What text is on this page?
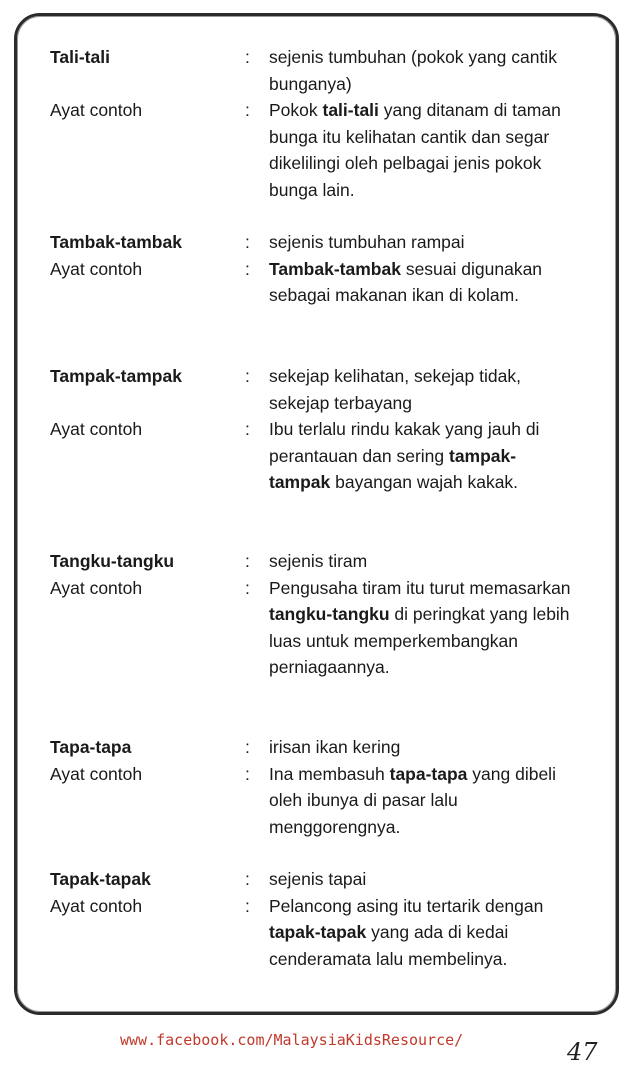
Tali-tali	:	sejenis tumbuhan (pokok yang cantik bunganya)
Ayat contoh	:	Pokok tali-tali yang ditanam di taman bunga itu kelihatan cantik dan segar dikelilingi oleh pelbagai jenis pokok bunga lain.
Tambak-tambak	:	sejenis tumbuhan rampai
Ayat contoh	:	Tambak-tambak sesuai digunakan sebagai makanan ikan di kolam.
Tampak-tampak	:	sekejap kelihatan, sekejap tidak, sekejap terbayang
Ayat contoh	:	Ibu terlalu rindu kakak yang jauh di perantauan dan sering tampak-tampak bayangan wajah kakak.
Tangku-tangku	:	sejenis tiram
Ayat contoh	:	Pengusaha tiram itu turut memasarkan tangku-tangku di peringkat yang lebih luas untuk memperkembangkan perniagaannya.
Tapa-tapa	:	irisan ikan kering
Ayat contoh	:	Ina membasuh tapa-tapa yang dibeli oleh ibunya di pasar lalu menggorengnya.
Tapak-tapak	:	sejenis tapai
Ayat contoh	:	Pelancong asing itu tertarik dengan tapak-tapak yang ada di kedai cenderamata lalu membelinya.
www.facebook.com/MalaysiaKidsResource/	47
